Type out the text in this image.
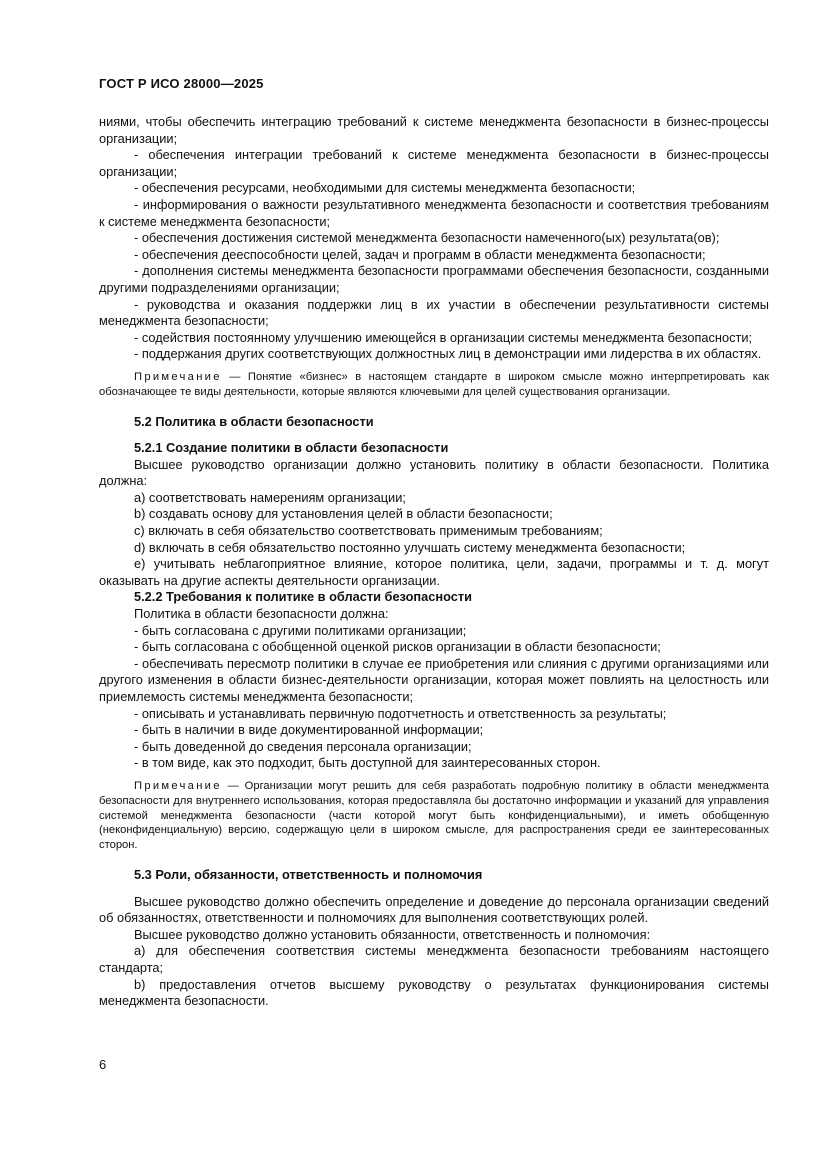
ГОСТ Р ИСО 28000—2025

ниями, чтобы обеспечить интеграцию требований к системе менеджмента безопасности в бизнес-процессы организации;

- обеспечения интеграции требований к системе менеджмента безопасности в бизнес-процессы организации;

- обеспечения ресурсами, необходимыми для системы менеджмента безопасности;

- информирования о важности результативного менеджмента безопасности и соответствия требованиям к системе менеджмента безопасности;

- обеспечения достижения системой менеджмента безопасности намеченного(ых) результата(ов);

- обеспечения дееспособности целей, задач и программ в области менеджмента безопасности;

- дополнения системы менеджмента безопасности программами обеспечения безопасности, созданными другими подразделениями организации;

- руководства и оказания поддержки лиц в их участии в обеспечении результативности системы менеджмента безопасности;

- содействия постоянному улучшению имеющейся в организации системы менеджмента безопасности;

- поддержания других соответствующих должностных лиц в демонстрации ими лидерства в их областях.

Примечание — Понятие «бизнес» в настоящем стандарте в широком смысле можно интерпретировать как обозначающее те виды деятельности, которые являются ключевыми для целей существования организации.

5.2 Политика в области безопасности

5.2.1 Создание политики в области безопасности

Высшее руководство организации должно установить политику в области безопасности. Политика должна:

a) соответствовать намерениям организации;

b) создавать основу для установления целей в области безопасности;

c) включать в себя обязательство соответствовать применимым требованиям;

d) включать в себя обязательство постоянно улучшать систему менеджмента безопасности;

e) учитывать неблагоприятное влияние, которое политика, цели, задачи, программы и т. д. могут оказывать на другие аспекты деятельности организации.

5.2.2 Требования к политике в области безопасности

Политика в области безопасности должна:

- быть согласована с другими политиками организации;

- быть согласована с обобщенной оценкой рисков организации в области безопасности;

- обеспечивать пересмотр политики в случае ее приобретения или слияния с другими организациями или другого изменения в области бизнес-деятельности организации, которая может повлиять на целостность или приемлемость системы менеджмента безопасности;

- описывать и устанавливать первичную подотчетность и ответственность за результаты;

- быть в наличии в виде документированной информации;

- быть доведенной до сведения персонала организации;

- в том виде, как это подходит, быть доступной для заинтересованных сторон.

Примечание — Организации могут решить для себя разработать подробную политику в области менеджмента безопасности для внутреннего использования, которая предоставляла бы достаточно информации и указаний для управления системой менеджмента безопасности (части которой могут быть конфиденциальными), и иметь обобщенную (неконфиденциальную) версию, содержащую цели в широком смысле, для распространения среди ее заинтересованных сторон.

5.3 Роли, обязанности, ответственность и полномочия

Высшее руководство должно обеспечить определение и доведение до персонала организации сведений об обязанностях, ответственности и полномочиях для выполнения соответствующих ролей.

Высшее руководство должно установить обязанности, ответственность и полномочия:

a) для обеспечения соответствия системы менеджмента безопасности требованиям настоящего стандарта;

b) предоставления отчетов высшему руководству о результатах функционирования системы менеджмента безопасности.

6
